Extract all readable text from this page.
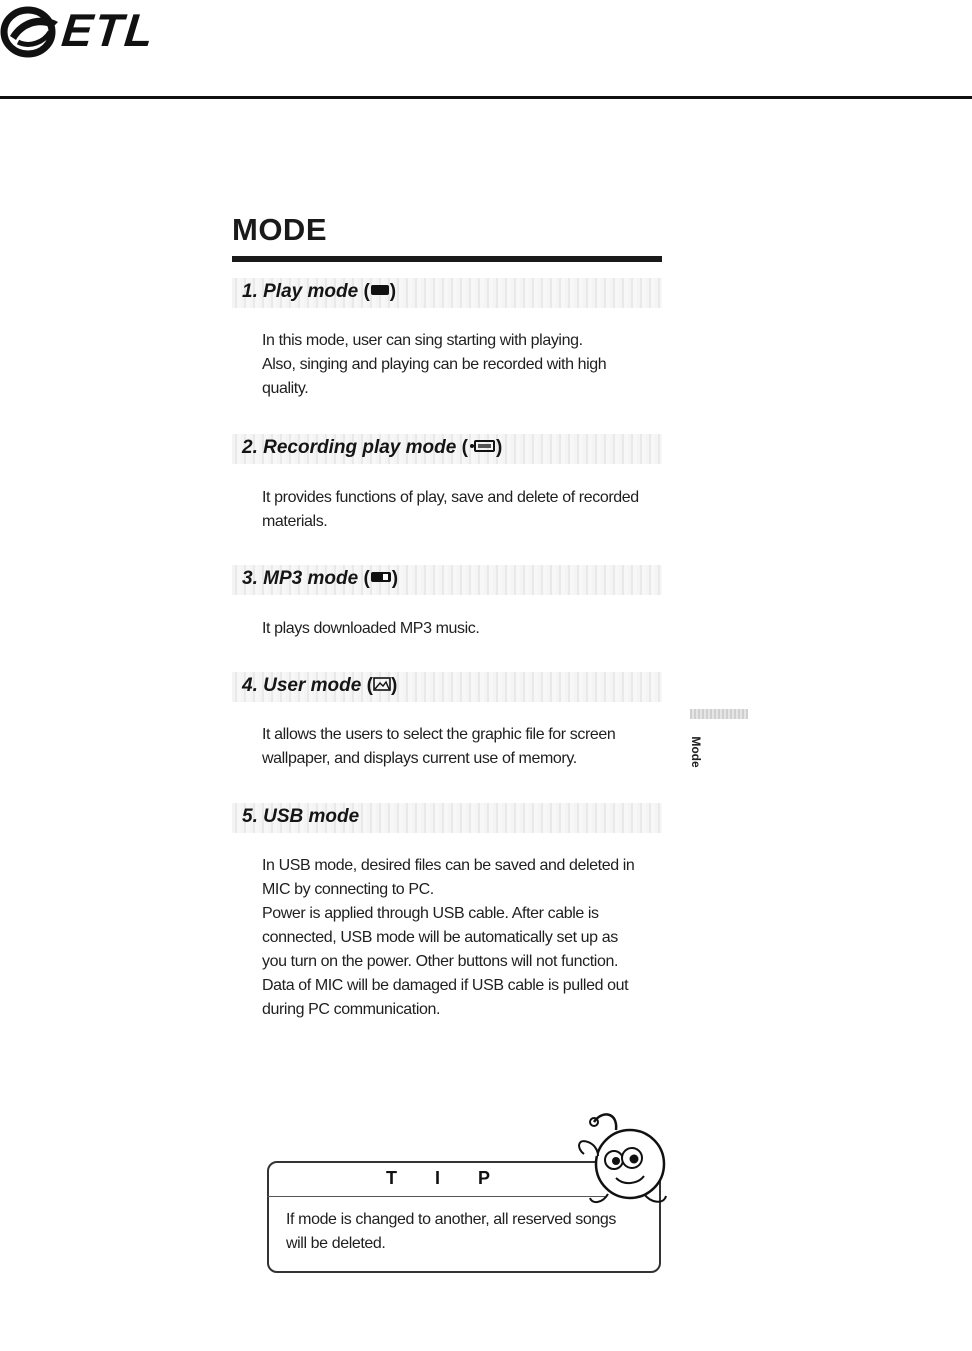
ETL
MODE
1. Play mode ( )
In this mode, user can sing starting with playing.
Also, singing and playing can be recorded with high
quality.
2. Recording play mode ( )
It provides functions of play, save and delete of recorded
materials.
3. MP3 mode ( )
It plays downloaded MP3 music.
4. User mode ( )
It allows the users to select the graphic file for screen
wallpaper, and displays current use of memory.
5. USB mode
In USB mode, desired files can be saved and deleted in
MIC by connecting to PC.
Power is applied through USB cable. After cable is
connected, USB mode will be automatically set up as
you turn on the power. Other buttons will not function.
Data of MIC will be damaged if USB cable is pulled out
during PC communication.
Mode
TIP
If mode is changed to another, all reserved songs
will be deleted.
